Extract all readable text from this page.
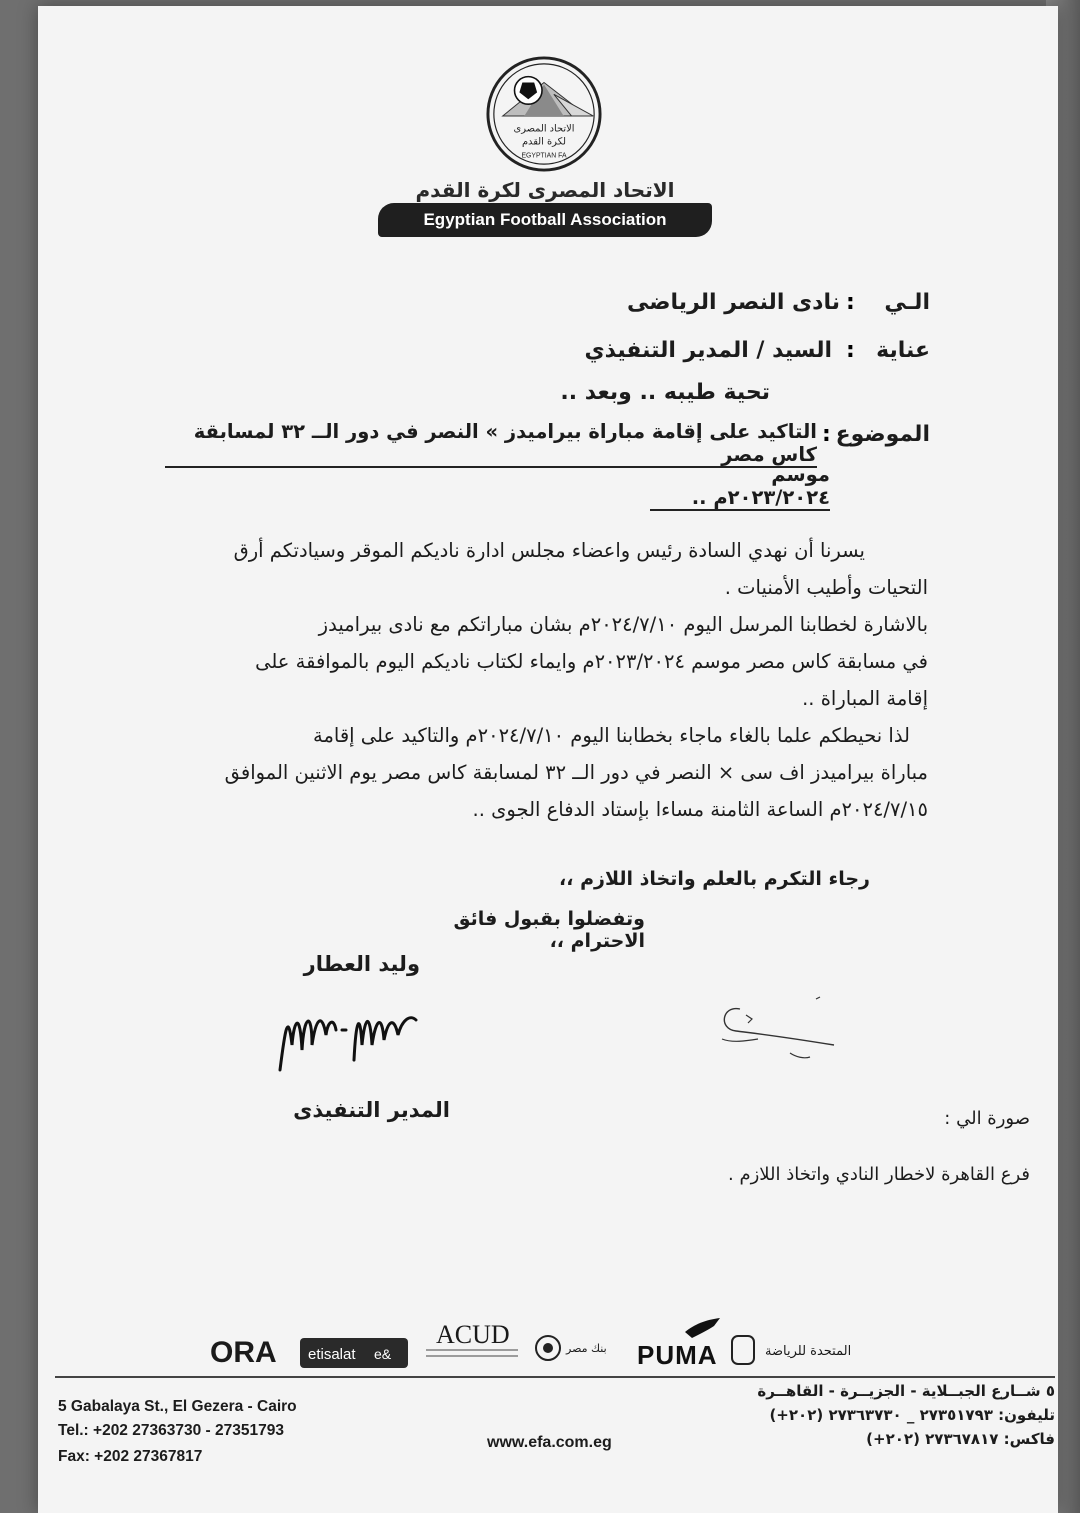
الاتحاد المصرى
لكرة القدم
EGYPTIAN FA
الاتحاد المصرى لكرة القدم
Egyptian Football Association
الـي
:
نادى النصر الرياضى
عناية
:
السيد / المدير التنفيذي
تحية طيبه .. وبعد ..
الموضوع
:
التاكيد على إقامة مباراة بيراميدز » النصر في دور الــ ٣٢ لمسابقة كاس مصر
موسم ٢٠٢٣/٢٠٢٤م ..
يسرنا أن نهدي السادة رئيس واعضاء مجلس ادارة ناديكم الموقر وسيادتكم أرق
التحيات وأطيب الأمنيات .
بالاشارة لخطابنا المرسل اليوم ٢٠٢٤/٧/١٠م بشان مباراتكم مع نادى بيراميدز
في مسابقة كاس مصر موسم ٢٠٢٣/٢٠٢٤م وايماء لكتاب ناديكم اليوم بالموافقة على
إقامة المباراة ..
لذا نحيطكم علما بالغاء ماجاء بخطابنا اليوم ٢٠٢٤/٧/١٠م والتاكيد على إقامة
مباراة بيراميدز اف سى × النصر في دور الــ ٣٢ لمسابقة كاس مصر يوم الاثنين الموافق
٢٠٢٤/٧/١٥م الساعة الثامنة مساءا بإستاد الدفاع الجوى ..
رجاء التكرم بالعلم واتخاذ اللازم ،،
وتفضلوا بقبول فائق الاحترام ،،
وليد العطار
المدير التنفيذى	صورة الي :
فرع القاهرة لاخطار النادي واتخاذ اللازم .
ORA etisalat e&
ACUD	بنك مصر PUMA	المتحدة للرياضة
5 Gabalaya St., El Gezera - Cairo
Tel.: +202 27363730 - 27351793
Fax: +202 27367817
www.efa.com.eg
٥ شــارع الجبــلاية - الجزيــرة - القاهــرة
تليفون: ٢٧٣٥١٧٩٣ _ ٢٧٣٦٣٧٣٠ (٢٠٢+)
فاكس: ٢٧٣٦٧٨١٧ (٢٠٢+)
